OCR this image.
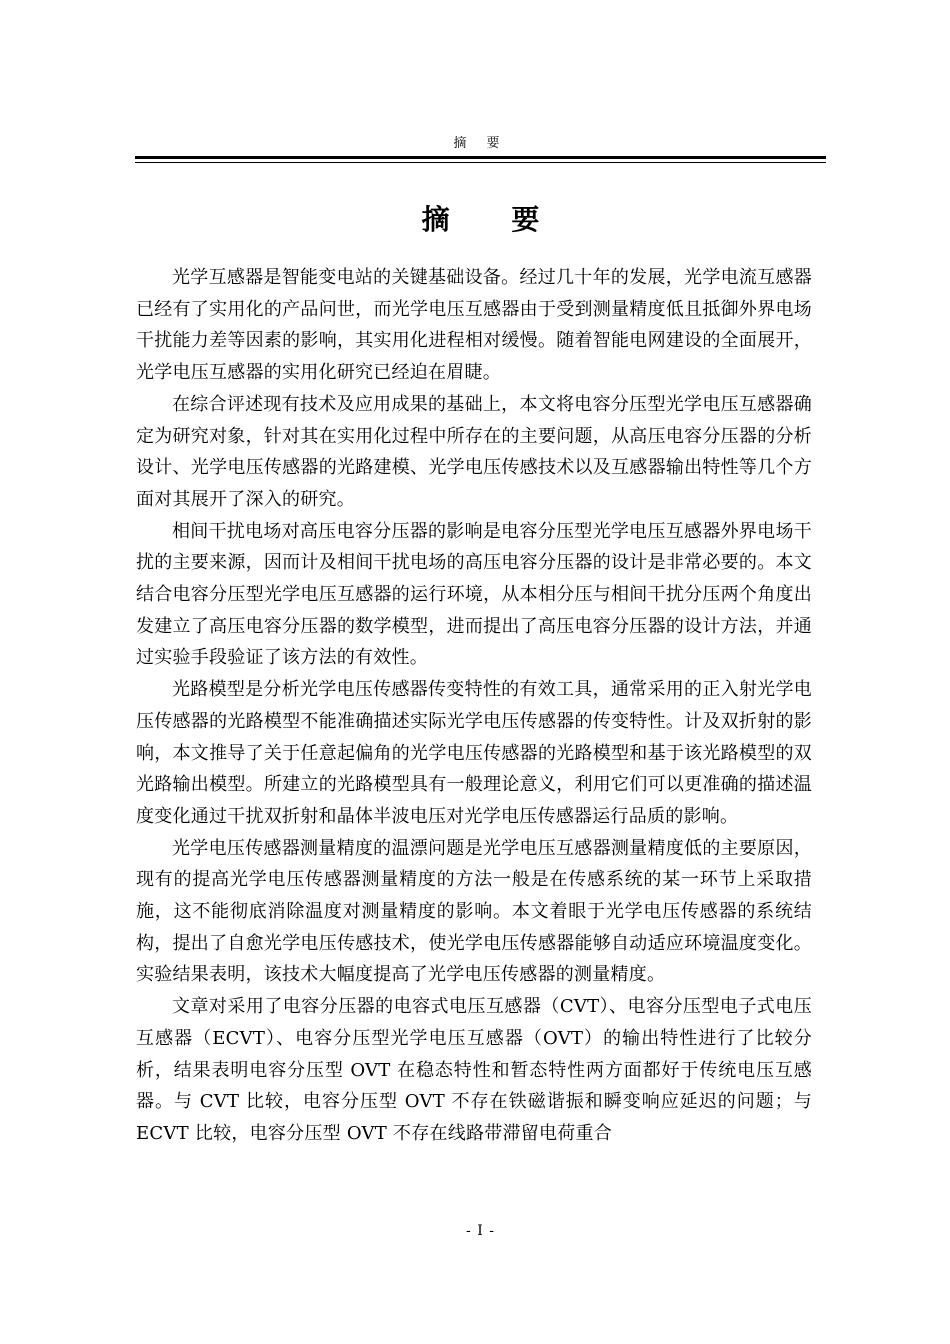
摘 要
摘 要

光学互感器是智能变电站的关键基础设备。经过几十年的发展，光学电流互感器已经有了实用化的产品问世，而光学电压互感器由于受到测量精度低且抵御外界电场干扰能力差等因素的影响，其实用化进程相对缓慢。随着智能电网建设的全面展开，光学电压互感器的实用化研究已经迫在眉睫。

在综合评述现有技术及应用成果的基础上，本文将电容分压型光学电压互感器确定为研究对象，针对其在实用化过程中所存在的主要问题，从高压电容分压器的分析设计、光学电压传感器的光路建模、光学电压传感技术以及互感器输出特性等几个方面对其展开了深入的研究。

相间干扰电场对高压电容分压器的影响是电容分压型光学电压互感器外界电场干扰的主要来源，因而计及相间干扰电场的高压电容分压器的设计是非常必要的。本文结合电容分压型光学电压互感器的运行环境，从本相分压与相间干扰分压两个角度出发建立了高压电容分压器的数学模型，进而提出了高压电容分压器的设计方法，并通过实验手段验证了该方法的有效性。

光路模型是分析光学电压传感器传变特性的有效工具，通常采用的正入射光学电压传感器的光路模型不能准确描述实际光学电压传感器的传变特性。计及双折射的影响，本文推导了关于任意起偏角的光学电压传感器的光路模型和基于该光路模型的双光路输出模型。所建立的光路模型具有一般理论意义，利用它们可以更准确的描述温度变化通过干扰双折射和晶体半波电压对光学电压传感器运行品质的影响。

光学电压传感器测量精度的温漂问题是光学电压互感器测量精度低的主要原因，现有的提高光学电压传感器测量精度的方法一般是在传感系统的某一环节上采取措施，这不能彻底消除温度对测量精度的影响。本文着眼于光学电压传感器的系统结构，提出了自愈光学电压传感技术，使光学电压传感器能够自动适应环境温度变化。实验结果表明，该技术大幅度提高了光学电压传感器的测量精度。

文章对采用了电容分压器的电容式电压互感器（CVT）、电容分压型电子式电压互感器（ECVT）、电容分压型光学电压互感器（OVT）的输出特性进行了比较分析，结果表明电容分压型 OVT 在稳态特性和暂态特性两方面都好于传统电压互感器。与 CVT 比较，电容分压型 OVT 不存在铁磁谐振和瞬变响应延迟的问题；与 ECVT 比较，电容分压型 OVT 不存在线路带滞留电荷重合

- I -
